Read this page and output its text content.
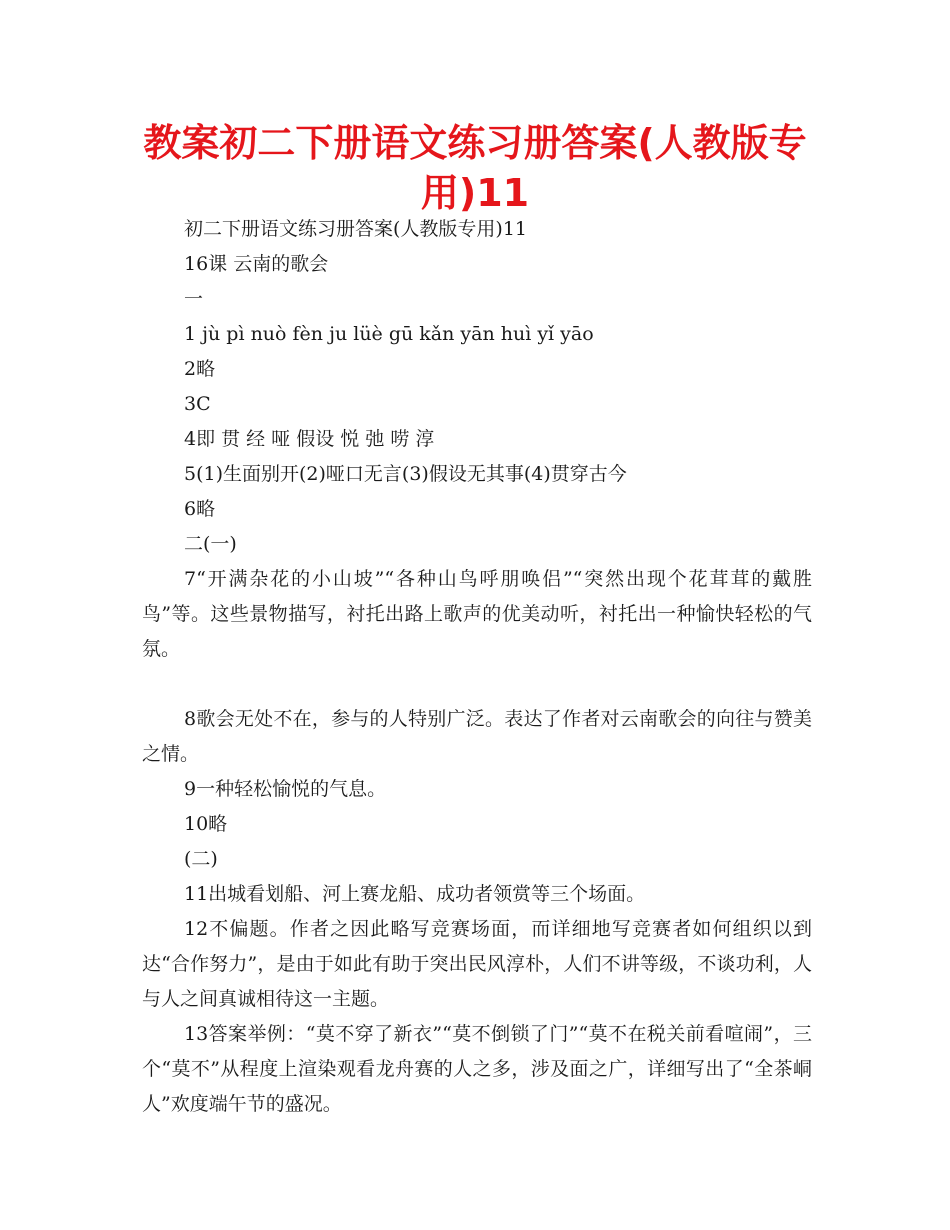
教案初二下册语文练习册答案(人教版专用)11

初二下册语文练习册答案(人教版专用)11

16课 云南的歌会

一

1 jù pì nuò fèn ju lüè gū kǎn yān huì yǐ yāo

2略

3C

4即 贯 经 哑 假设 悦 弛 唠 淳

5(1)生面别开(2)哑口无言(3)假设无其事(4)贯穿古今

6略

二(一)

7“开满杂花的小山坡”“各种山鸟呼朋唤侣”“突然出现个花茸茸的戴胜鸟”等。这些景物描写，衬托出路上歌声的优美动听，衬托出一种愉快轻松的气氛。

8歌会无处不在，参与的人特别广泛。表达了作者对云南歌会的向往与赞美之情。

9一种轻松愉悦的气息。

10略

(二)

11出城看划船、河上赛龙船、成功者领赏等三个场面。

12不偏题。作者之因此略写竞赛场面，而详细地写竞赛者如何组织以到达“合作努力”，是由于如此有助于突出民风淳朴，人们不讲等级，不谈功利，人与人之间真诚相待这一主题。

13答案举例：“莫不穿了新衣”“莫不倒锁了门”“莫不在税关前看喧闹”，三个“莫不”从程度上渲染观看龙舟赛的人之多，涉及面之广，详细写出了“全茶峒人”欢度端午节的盛况。
